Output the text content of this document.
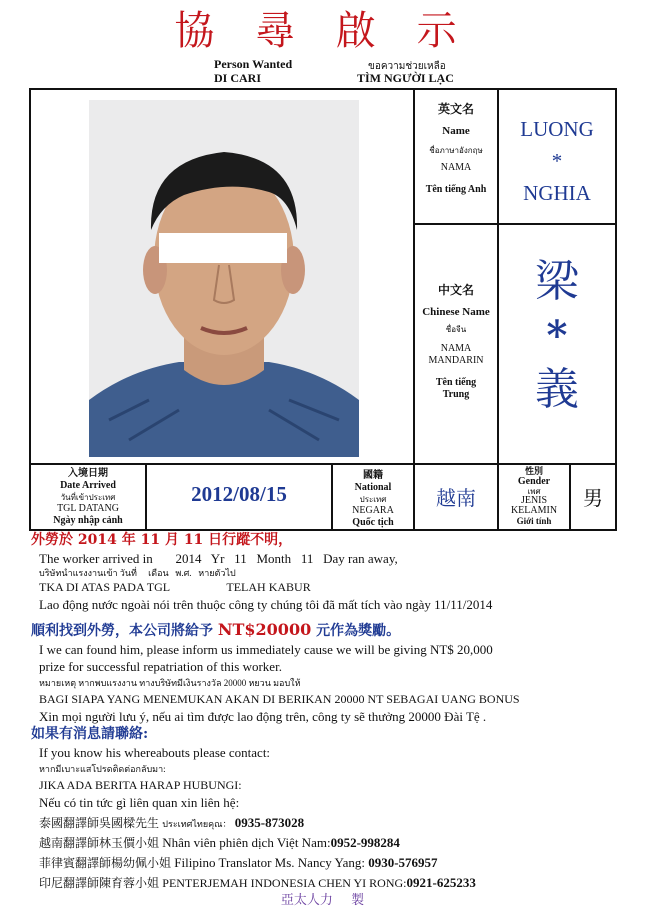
協 尋 啟 示
Person Wanted	ขอความช่วยเหลือ
DI CARI	TÌM NGƯỜI LẠC
英文名
Name
ชื่อภาษาอังกฤษ
NAMA
Tên tiếng Anh
LUONG
*
NGHIA
中文名
Chinese Name
ชื่อจีน
NAMA
MANDARIN
Tên tiếng
Trung
梁
*
義
入境日期
Date Arrived
วันที่เข้าประเทศ
TGL DATANG
Ngày nhập cảnh
2012/08/15
國籍
National
ประเทศ
NEGARA
Quốc tịch
越南
性別
Gender
เพศ
JENIS
KELAMIN
Giới tính
男
外勞於 2014 年 11 月 11 日行蹤不明，
The worker arrived in       2014   Yr   11   Month   11   Day ran away,
บริษัทนำแรงงานเข้า วันที่     เดือน   พ.ศ.   หายตัวไป
TKA DI ATAS PADA TGL                   TELAH KABUR
Lao động nước ngoài nói trên thuộc công ty chúng tôi đã mất tích vào ngày 11/11/2014
順利找到外勞，本公司將給予 NT$20000 元作為獎勵。
I we can found him, please inform us immediately cause we will be giving NT$ 20,000
prize for successful repatriation of this worker.
หมายเหตุ หากพบแรงงาน ทางบริษัทมีเงินรางวัล 20000 หยวน มอบให้
BAGI SIAPA YANG MENEMUKAN AKAN DI BERIKAN 20000 NT SEBAGAI UANG BONUS
Xin mọi người lưu ý, nếu ai tìm được lao động trên, công ty sẽ thưởng 20000 Đài Tệ .
如果有消息請聯絡:
If you know his whereabouts please contact:
หากมีเบาะแสโปรดติดต่อกลับมา:
JIKA ADA BERITA HARAP HUBUNGI:
Nếu có tin tức gì liên quan xin liên hệ:
泰國翻譯師吳國樑先生 ประเทศไทยคุณ： 0935-873028
越南翻譯師林玉價小姐 Nhân viên phiên dịch Việt Nam:0952-998284
菲律賓翻譯師楊幼佩小姐 Filipino Translator Ms. Nancy Yang: 0930-576957
印尼翻譯師陳育蓉小姐 PENTERJEMAH INDONESIA CHEN YI RONG:0921-625233
亞太人力 製
